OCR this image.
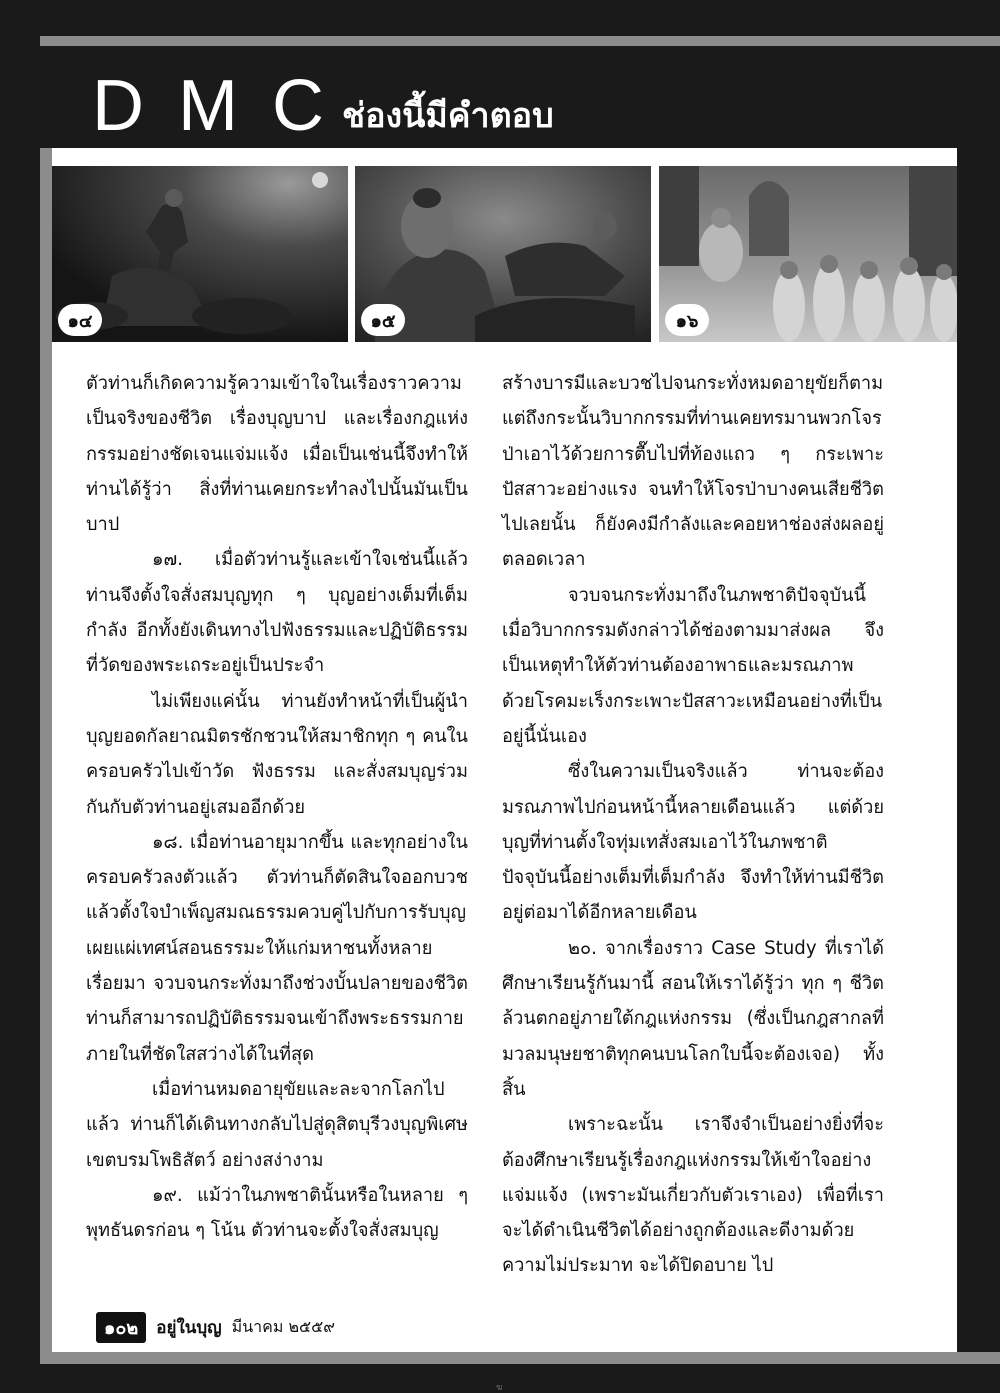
DMC
ช่องนี้มีคำตอบ
๑๔	๑๕	๑๖

ตัวท่านก็เกิดความรู้ความเข้าใจในเรื่องราวความเป็นจริงของชีวิต เรื่องบุญบาป และเรื่องกฎแห่งกรรมอย่างชัดเจนแจ่มแจ้ง เมื่อเป็นเช่นนี้จึงทำให้ท่านได้รู้ว่า สิ่งที่ท่านเคยกระทำลงไปนั้นมันเป็นบาป

๑๗. เมื่อตัวท่านรู้และเข้าใจเช่นนี้แล้ว ท่านจึงตั้งใจสั่งสมบุญทุก ๆ บุญอย่างเต็มที่เต็มกำลัง อีกทั้งยังเดินทางไปฟังธรรมและปฏิบัติธรรมที่วัดของพระเถระอยู่เป็นประจำ

ไม่เพียงแค่นั้น ท่านยังทำหน้าที่เป็นผู้นำบุญยอดกัลยาณมิตรชักชวนให้สมาชิกทุก ๆ คนในครอบครัวไปเข้าวัด ฟังธรรม และสั่งสมบุญร่วมกันกับตัวท่านอยู่เสมออีกด้วย

๑๘. เมื่อท่านอายุมากขึ้น และทุกอย่างในครอบครัวลงตัวแล้ว ตัวท่านก็ตัดสินใจออกบวช แล้วตั้งใจบำเพ็ญสมณธรรมควบคู่ไปกับการรับบุญ เผยแผ่เทศน์สอนธรรมะให้แก่มหาชนทั้งหลายเรื่อยมา จวบจนกระทั่งมาถึงช่วงบั้นปลายของชีวิต ท่านก็สามารถปฏิบัติธรรมจนเข้าถึงพระธรรมกายภายในที่ชัดใสสว่างได้ในที่สุด

เมื่อท่านหมดอายุขัยและละจากโลกไปแล้ว ท่านก็ได้เดินทางกลับไปสู่ดุสิตบุรีวงบุญพิเศษ เขตบรมโพธิสัตว์ อย่างสง่างาม

๑๙. แม้ว่าในภพชาตินั้นหรือในหลาย ๆ พุทธันดรก่อน ๆ โน้น ตัวท่านจะตั้งใจสั่งสมบุญ

สร้างบารมีและบวชไปจนกระทั่งหมดอายุขัยก็ตาม แต่ถึงกระนั้นวิบากกรรมที่ท่านเคยทรมานพวกโจรป่าเอาไว้ด้วยการตื๊บไปที่ท้องแถว ๆ กระเพาะปัสสาวะอย่างแรง จนทำให้โจรป่าบางคนเสียชีวิตไปเลยนั้น ก็ยังคงมีกำลังและคอยหาช่องส่งผลอยู่ตลอดเวลา

จวบจนกระทั่งมาถึงในภพชาติปัจจุบันนี้ เมื่อวิบากกรรมดังกล่าวได้ช่องตามมาส่งผล จึงเป็นเหตุทำให้ตัวท่านต้องอาพาธและมรณภาพด้วยโรคมะเร็งกระเพาะปัสสาวะเหมือนอย่างที่เป็นอยู่นี้นั่นเอง

ซึ่งในความเป็นจริงแล้ว ท่านจะต้องมรณภาพไปก่อนหน้านี้หลายเดือนแล้ว แต่ด้วยบุญที่ท่านตั้งใจทุ่มเทสั่งสมเอาไว้ในภพชาติปัจจุบันนี้อย่างเต็มที่เต็มกำลัง จึงทำให้ท่านมีชีวิตอยู่ต่อมาได้อีกหลายเดือน

๒๐. จากเรื่องราว Case Study ที่เราได้ศึกษาเรียนรู้กันมานี้ สอนให้เราได้รู้ว่า ทุก ๆ ชีวิตล้วนตกอยู่ภายใต้กฎแห่งกรรม (ซึ่งเป็นกฎสากลที่มวลมนุษยชาติทุกคนบนโลกใบนี้จะต้องเจอ) ทั้งสิ้น

เพราะฉะนั้น เราจึงจำเป็นอย่างยิ่งที่จะต้องศึกษาเรียนรู้เรื่องกฎแห่งกรรมให้เข้าใจอย่างแจ่มแจ้ง (เพราะมันเกี่ยวกับตัวเราเอง) เพื่อที่เราจะได้ดำเนินชีวิตได้อย่างถูกต้องและดีงามด้วยความไม่ประมาท จะได้ปิดอบาย ไป

๑๐๒	อยู่ในบุญ มีนาคม ๒๕๕๙
ฆ
